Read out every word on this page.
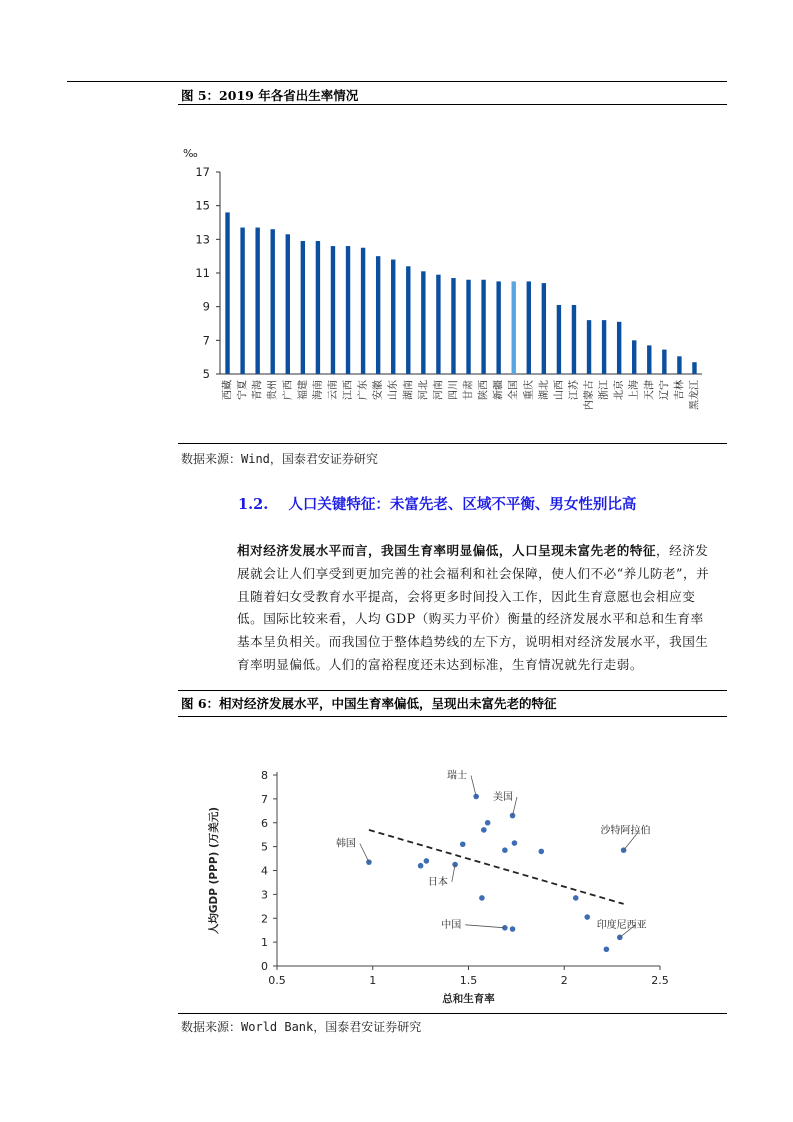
图 5：2019 年各省出生率情况
‰
5
7
9
11
13
15
17
西藏 宁夏 青海 贵州 广西 福建 海南 云南 江西 广东 安徽 山东 湖南 河北 河南 四川 甘肃 陕西 新疆 全国 重庆 湖北 山西 江苏 内蒙古 浙江 北京 上海 天津 辽宁 吉林 黑龙江
数据来源：Wind，国泰君安证券研究
1.2. 人口关键特征：未富先老、区域不平衡、男女性别比高
相对经济发展水平而言，我国生育率明显偏低，人口呈现未富先老的特征，经济发展就会让人们享受到更加完善的社会福利和社会保障，使人们不必“养儿防老”，并且随着妇女受教育水平提高，会将更多时间投入工作，因此生育意愿也会相应变低。国际比较来看，人均 GDP（购买力平价）衡量的经济发展水平和总和生育率基本呈负相关。而我国位于整体趋势线的左下方，说明相对经济发展水平，我国生育率明显偏低。人们的富裕程度还未达到标准，生育情况就先行走弱。
图 6：相对经济发展水平，中国生育率偏低，呈现出未富先老的特征
0
1
2
3
4
5
6
7
8
0.5	1	1.5	2	2.5
总和生育率
人均GDP (PPP) (万美元)
瑞士
美国
沙特阿拉伯
韩国
日本
中国	印度尼西亚
数据来源：World Bank，国泰君安证券研究
